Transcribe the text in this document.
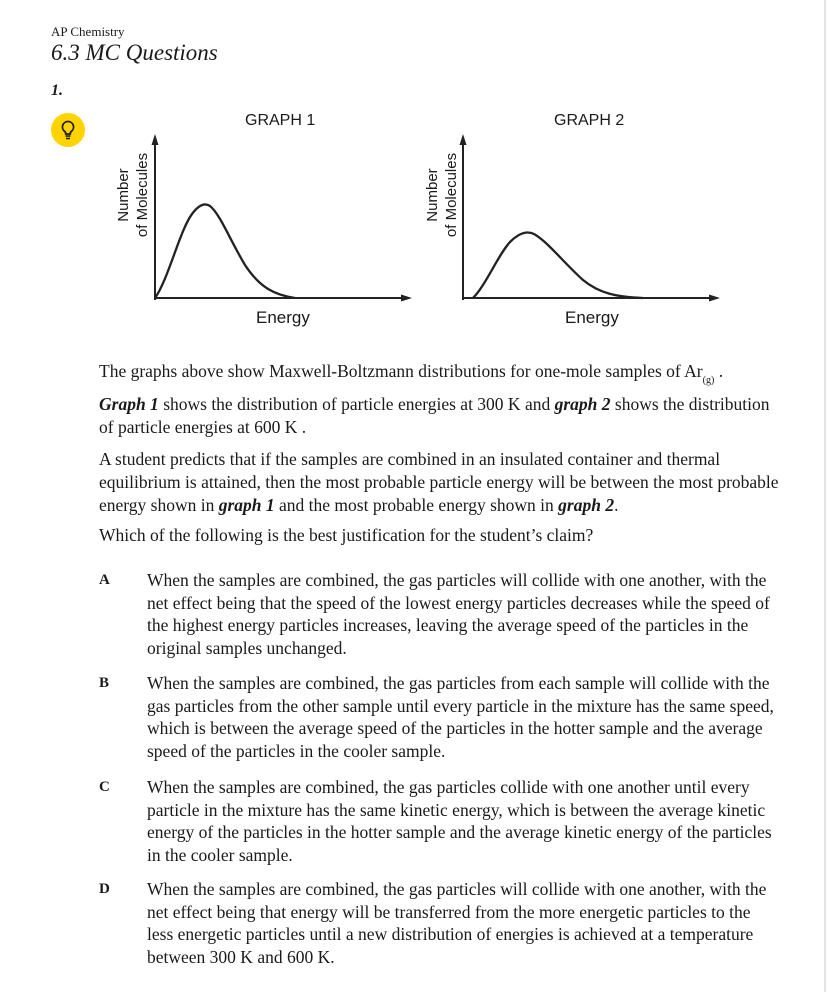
AP Chemistry
6.3 MC Questions
1.
GRAPH 1
Number of Molecules
Energy
GRAPH 2
Number of Molecules
Energy
The graphs above show Maxwell-Boltzmann distributions for one-mole samples of $Ar_{(g)}$ .
Graph 1 shows the distribution of particle energies at 300 K and graph 2 shows the distribution of particle energies at 600 K .
A student predicts that if the samples are combined in an insulated container and thermal equilibrium is attained, then the most probable particle energy will be between the most probable energy shown in graph 1 and the most probable energy shown in graph 2.
Which of the following is the best justification for the student’s claim?
A When the samples are combined, the gas particles will collide with one another, with the net effect being that the speed of the lowest energy particles decreases while the speed of the highest energy particles increases, leaving the average speed of the particles in the original samples unchanged.
B When the samples are combined, the gas particles from each sample will collide with the gas particles from the other sample until every particle in the mixture has the same speed, which is between the average speed of the particles in the hotter sample and the average speed of the particles in the cooler sample.
C When the samples are combined, the gas particles collide with one another until every particle in the mixture has the same kinetic energy, which is between the average kinetic energy of the particles in the hotter sample and the average kinetic energy of the particles in the cooler sample.
D When the samples are combined, the gas particles will collide with one another, with the net effect being that energy will be transferred from the more energetic particles to the less energetic particles until a new distribution of energies is achieved at a temperature between 300 K and 600 K.
